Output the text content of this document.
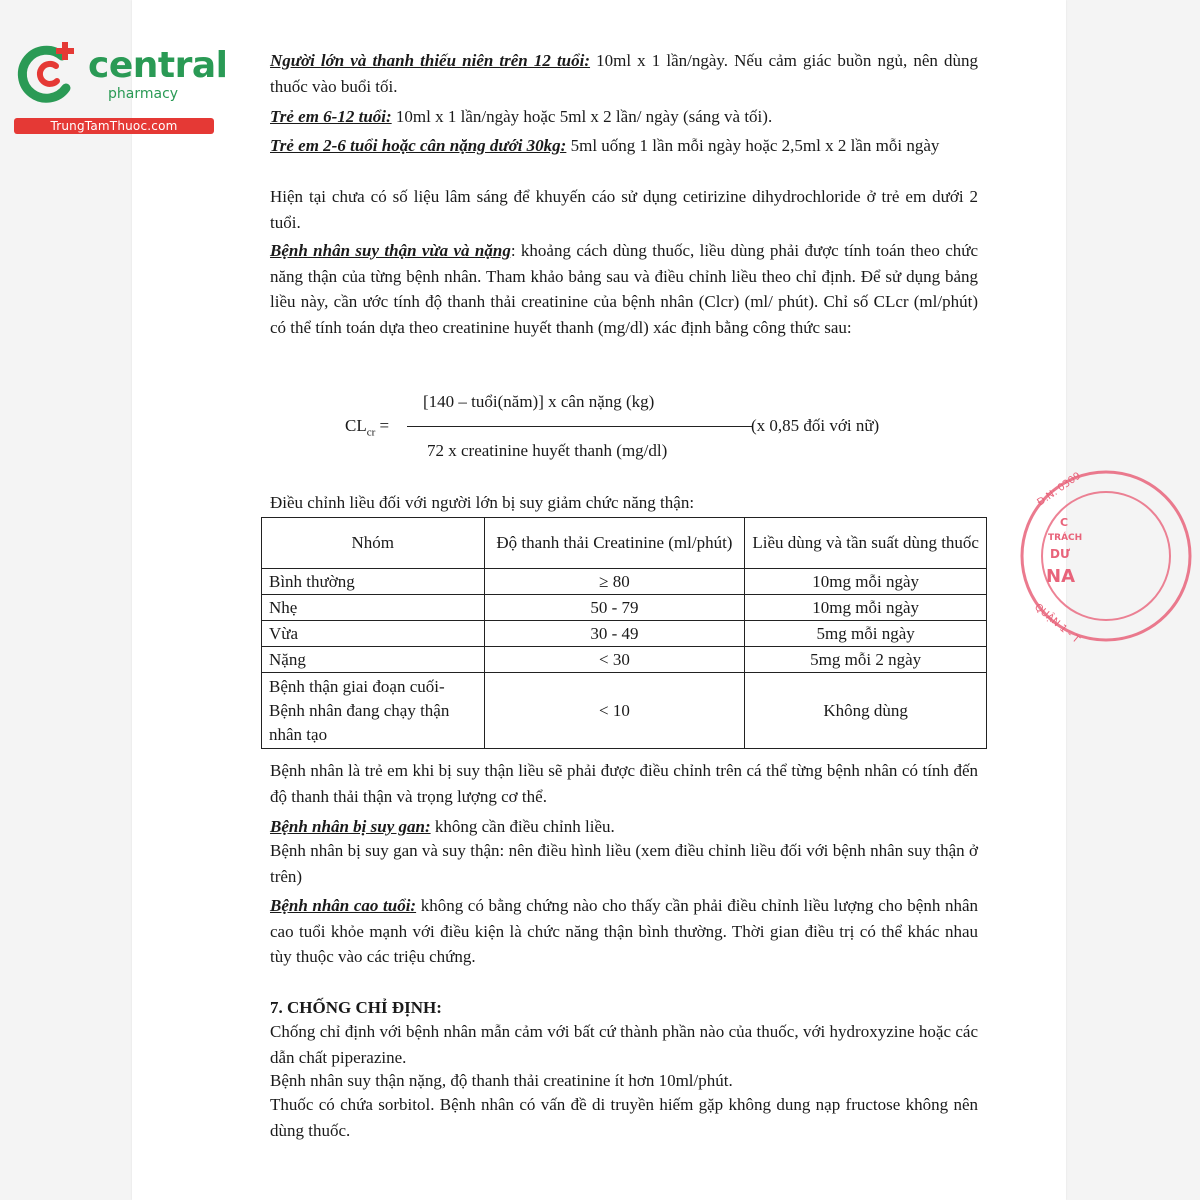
central
pharmacy
TrungTamThuoc.com
Đ.N: 0309
C
TRÁCH
DƯ
NA
QUẬN 1 - T
Người lớn và thanh thiếu niên trên 12 tuổi: 10ml x 1 lần/ngày. Nếu cảm giác buồn ngủ, nên dùng thuốc vào buổi tối.
Trẻ em 6-12 tuổi: 10ml x 1 lần/ngày hoặc 5ml x 2 lần/ ngày (sáng và tối).
Trẻ em 2-6 tuổi hoặc cân nặng dưới 30kg: 5ml uống 1 lần mỗi ngày hoặc 2,5ml x 2 lần mỗi ngày
Hiện tại chưa có số liệu lâm sáng để khuyến cáo sử dụng cetirizine dihydrochloride ở trẻ em dưới 2 tuổi.
Bệnh nhân suy thận vừa và nặng: khoảng cách dùng thuốc, liều dùng phải được tính toán theo chức năng thận của từng bệnh nhân. Tham khảo bảng sau và điều chỉnh liều theo chỉ định. Để sử dụng bảng liều này, cần ước tính độ thanh thải creatinine của bệnh nhân (Clcr) (ml/ phút). Chỉ số CLcr (ml/phút) có thể tính toán dựa theo creatinine huyết thanh (mg/dl) xác định bằng công thức sau:
$CL_{cr}$ =
[140 – tuổi(năm)] x cân nặng (kg)
72 x creatinine huyết thanh (mg/dl)
(x 0,85 đối với nữ)
Điều chỉnh liều đối với người lớn bị suy giảm chức năng thận:
Nhóm	Độ thanh thải Creatinine (ml/phút)	Liều dùng và tần suất dùng thuốc
Bình thường	≥ 80	10mg mỗi ngày
Nhẹ	50 - 79	10mg mỗi ngày
Vừa	30 - 49	5mg mỗi ngày
Nặng	< 30	5mg mỗi 2 ngày
Bệnh thận giai đoạn cuối- Bệnh nhân đang chạy thận nhân tạo	< 10	Không dùng
Bệnh nhân là trẻ em khi bị suy thận liều sẽ phải được điều chỉnh trên cá thể từng bệnh nhân có tính đến độ thanh thải thận và trọng lượng cơ thể.
Bệnh nhân bị suy gan: không cần điều chỉnh liều.
Bệnh nhân bị suy gan và suy thận: nên điều hình liều (xem điều chỉnh liều đối với bệnh nhân suy thận ở trên)
Bệnh nhân cao tuổi: không có bằng chứng nào cho thấy cần phải điều chỉnh liều lượng cho bệnh nhân cao tuổi khỏe mạnh với điều kiện là chức năng thận bình thường. Thời gian điều trị có thể khác nhau tùy thuộc vào các triệu chứng.
7. CHỐNG CHỈ ĐỊNH:
Chống chỉ định với bệnh nhân mẫn cảm với bất cứ thành phần nào của thuốc, với hydroxyzine hoặc các dẫn chất piperazine.
Bệnh nhân suy thận nặng, độ thanh thải creatinine ít hơn 10ml/phút.
Thuốc có chứa sorbitol. Bệnh nhân có vấn đề di truyền hiếm gặp không dung nạp fructose không nên dùng thuốc.
